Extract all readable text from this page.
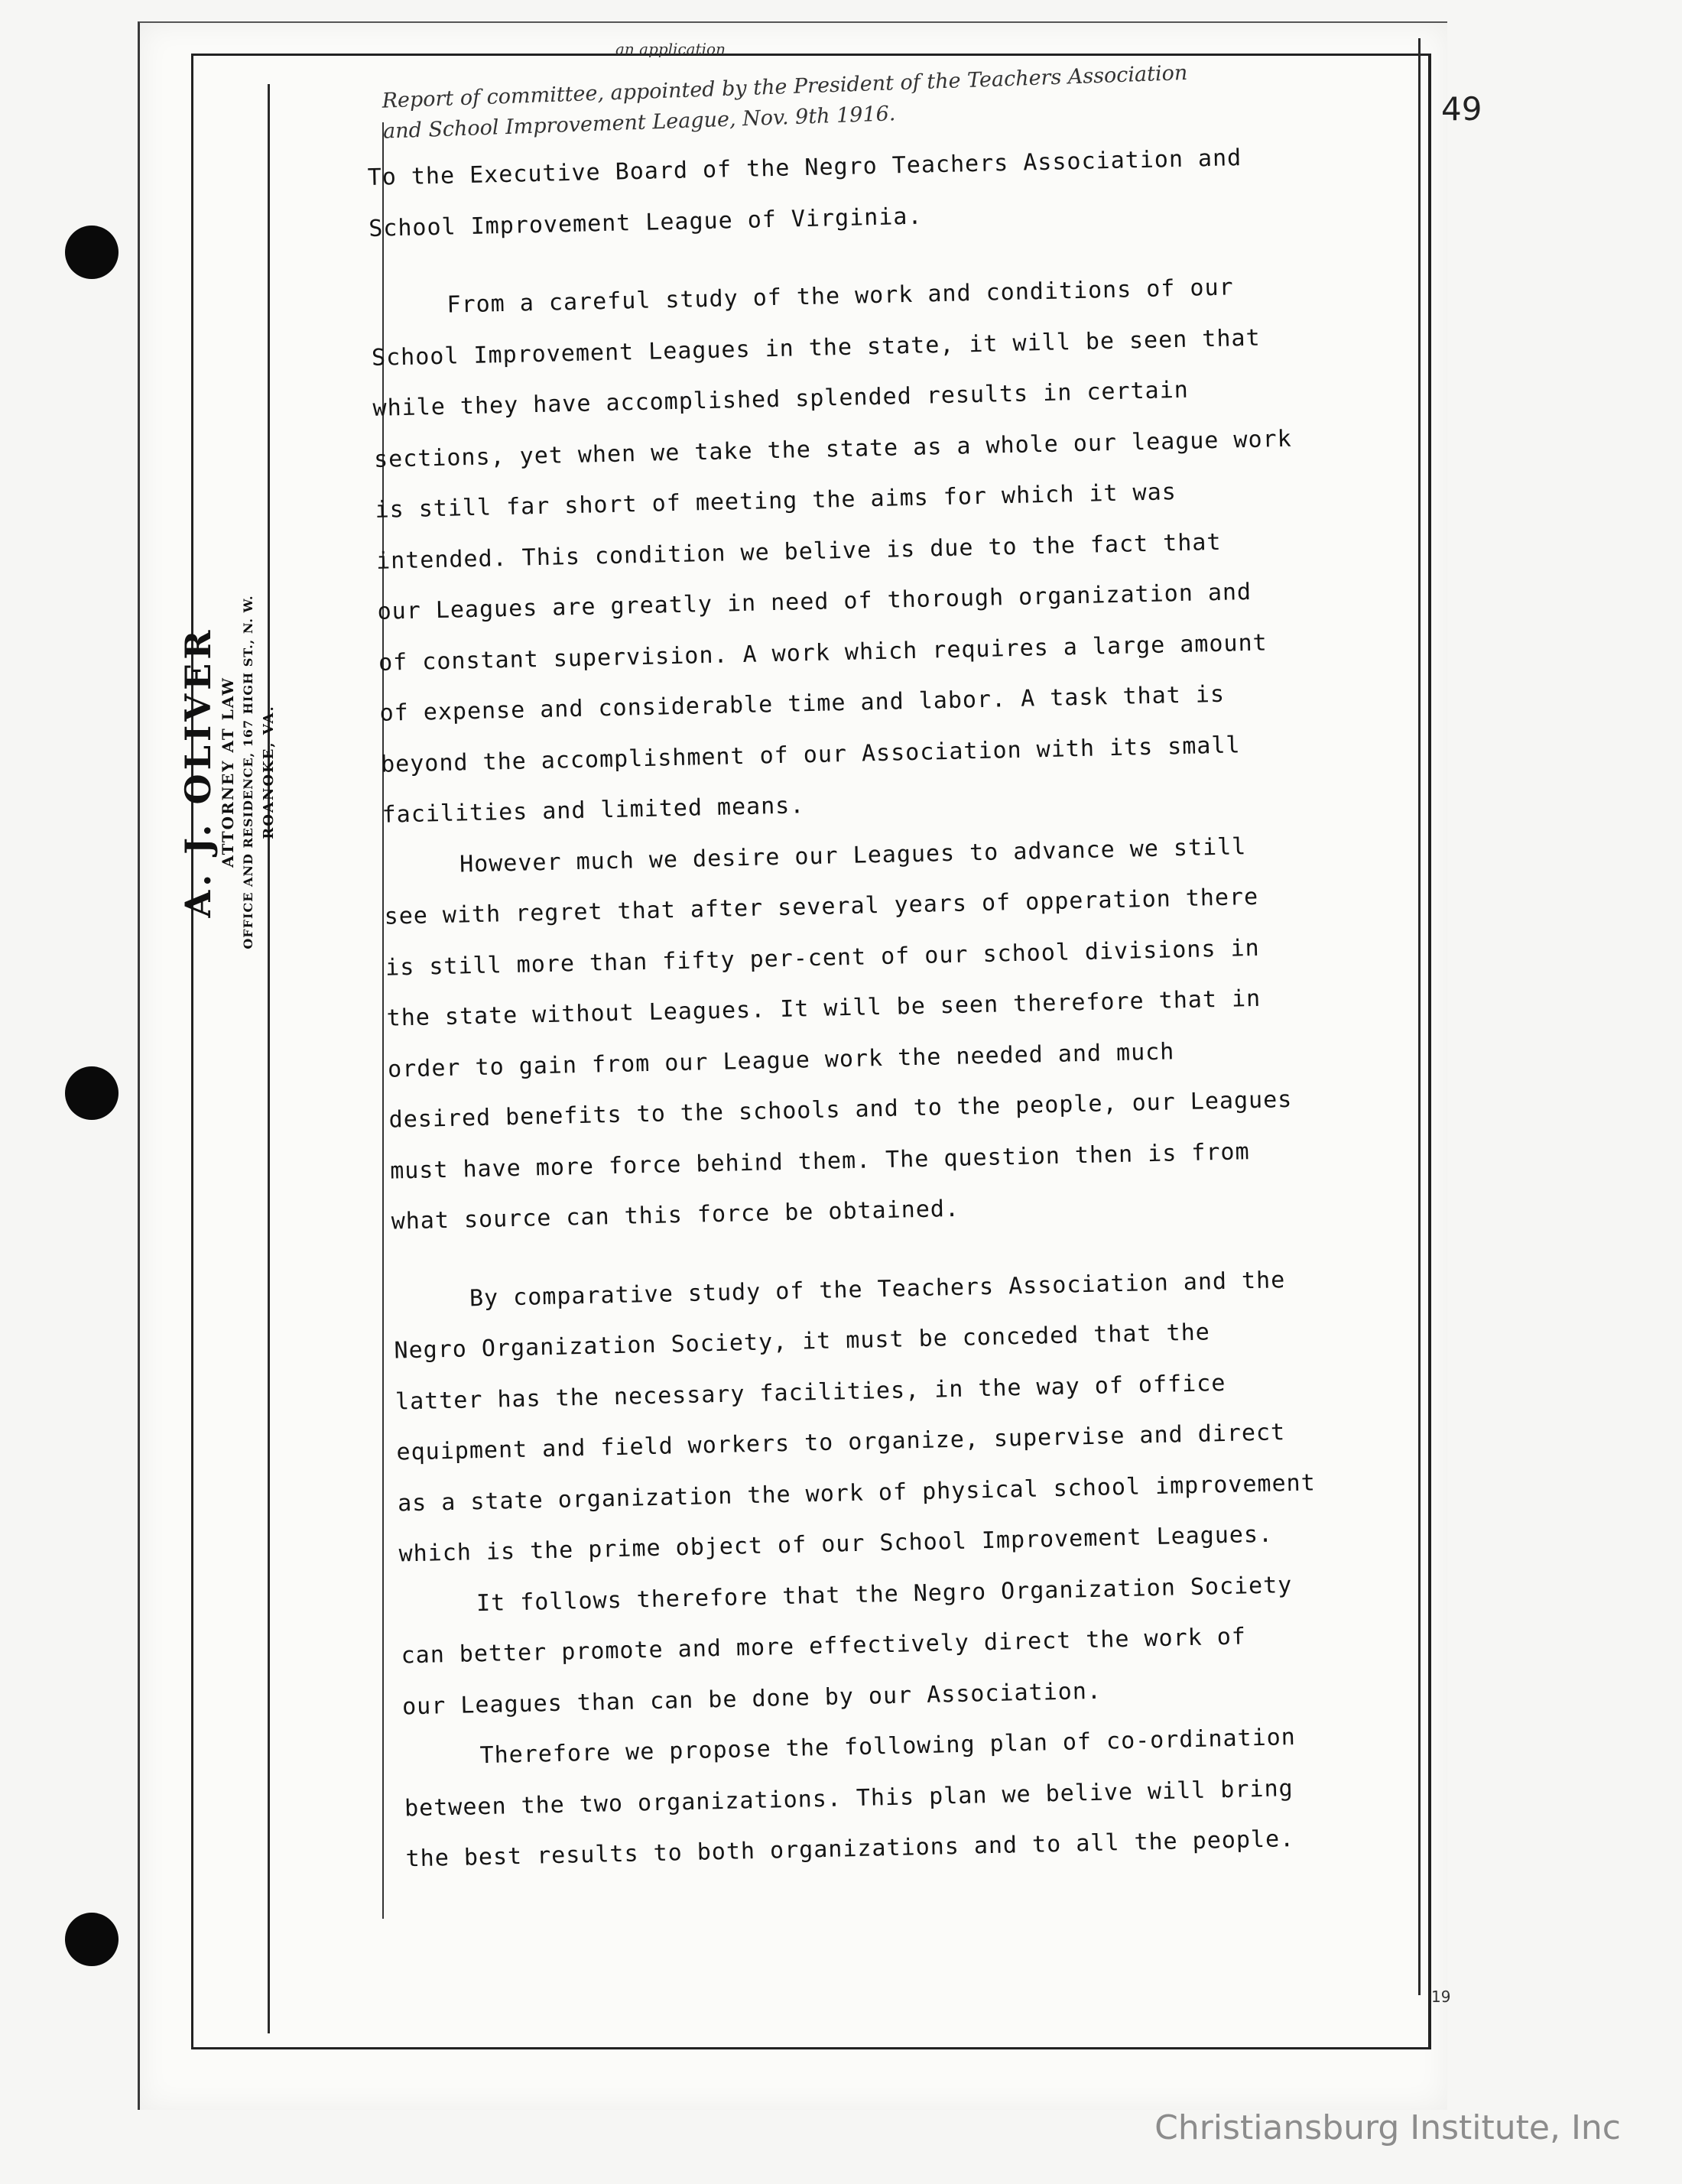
A. J. OLIVER ATTORNEY AT LAW OFFICE AND RESIDENCE, 167 HIGH ST., N. W. ROANOKE, VA.
an application
Report of committee, appointed by the President of the Teachers Association
and School Improvement League, Nov. 9th 1916.	49
19
To the Executive Board of the Negro Teachers Association and
School Improvement League of Virginia.
From a careful study of the work and conditions of our
School Improvement Leagues in the state, it will be seen that
while they have accomplished splended results in certain
sections, yet when we take the state as a whole our league work
is still far short of meeting the aims for which it was
intended. This condition we belive is due to the fact that
our Leagues are greatly in need of thorough organization and
of constant supervision. A work which requires a large amount
of expense and considerable time and labor. A task that is
beyond the accomplishment of our Association with its small
facilities and limited means.
However much we desire our Leagues to advance we still
see with regret that after several years of opperation there
is still more than fifty per-cent of our school divisions in
the state without Leagues. It will be seen therefore that in
order to gain from our League work the needed and much
desired benefits to the schools and to the people, our Leagues
must have more force behind them. The question then is from
what source can this force be obtained.
By comparative study of the Teachers Association and the
Negro Organization Society, it must be conceded that the
latter has the necessary facilities, in the way of office
equipment and field workers to organize, supervise and direct
as a state organization the work of physical school improvement
which is the prime object of our School Improvement Leagues.
It follows therefore that the Negro Organization Society
can better promote and more effectively direct the work of
our Leagues than can be done by our Association.
Therefore we propose the following plan of co-ordination
between the two organizations. This plan we belive will bring
the best results to both organizations and to all the people.
Christiansburg Institute, Inc
